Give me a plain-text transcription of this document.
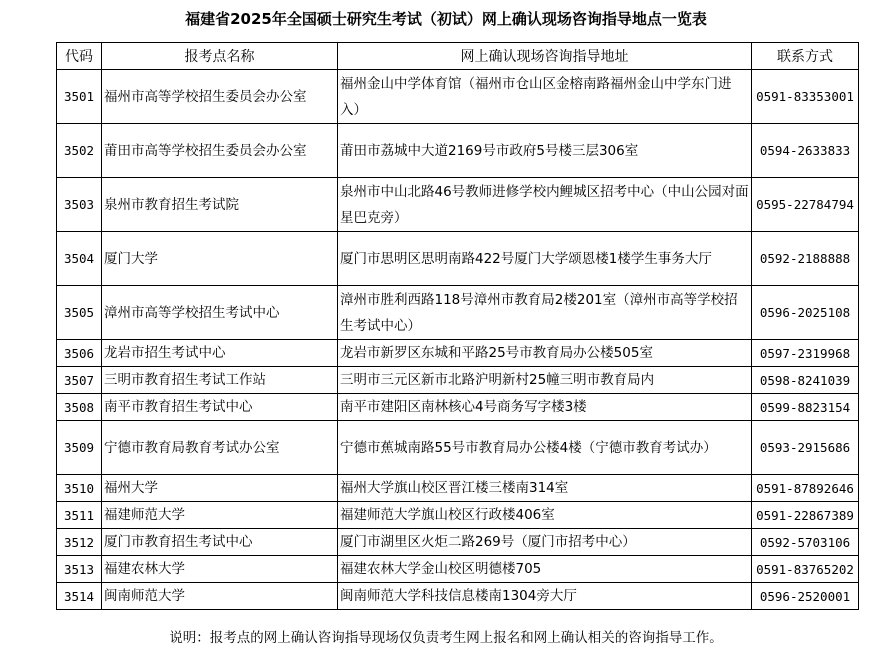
福建省2025年全国硕士研究生考试（初试）网上确认现场咨询指导地点一览表
代码	报考点名称	网上确认现场咨询指导地址	联系方式
3501	福州市高等学校招生委员会办公室	福州金山中学体育馆（福州市仓山区金榕南路福州金山中学东门进入）	0591-83353001
3502	莆田市高等学校招生委员会办公室	莆田市荔城中大道2169号市政府5号楼三层306室	0594-2633833
3503	泉州市教育招生考试院	泉州市中山北路46号教师进修学校内鲤城区招考中心（中山公园对面星巴克旁）	0595-22784794
3504	厦门大学	厦门市思明区思明南路422号厦门大学颂恩楼1楼学生事务大厅	0592-2188888
3505	漳州市高等学校招生考试中心	漳州市胜利西路118号漳州市教育局2楼201室（漳州市高等学校招生考试中心）	0596-2025108
3506	龙岩市招生考试中心	龙岩市新罗区东城和平路25号市教育局办公楼505室	0597-2319968
3507	三明市教育招生考试工作站	三明市三元区新市北路沪明新村25幢三明市教育局内	0598-8241039
3508	南平市教育招生考试中心	南平市建阳区南林核心4号商务写字楼3楼	0599-8823154
3509	宁德市教育局教育考试办公室	宁德市蕉城南路55号市教育局办公楼4楼（宁德市教育考试办）	0593-2915686
3510	福州大学	福州大学旗山校区晋江楼三楼南314室	0591-87892646
3511	福建师范大学	福建师范大学旗山校区行政楼406室	0591-22867389
3512	厦门市教育招生考试中心	厦门市湖里区火炬二路269号（厦门市招考中心）	0592-5703106
3513	福建农林大学	福建农林大学金山校区明德楼705	0591-83765202
3514	闽南师范大学	闽南师范大学科技信息楼南1304旁大厅	0596-2520001
说明：报考点的网上确认咨询指导现场仅负责考生网上报名和网上确认相关的咨询指导工作。
